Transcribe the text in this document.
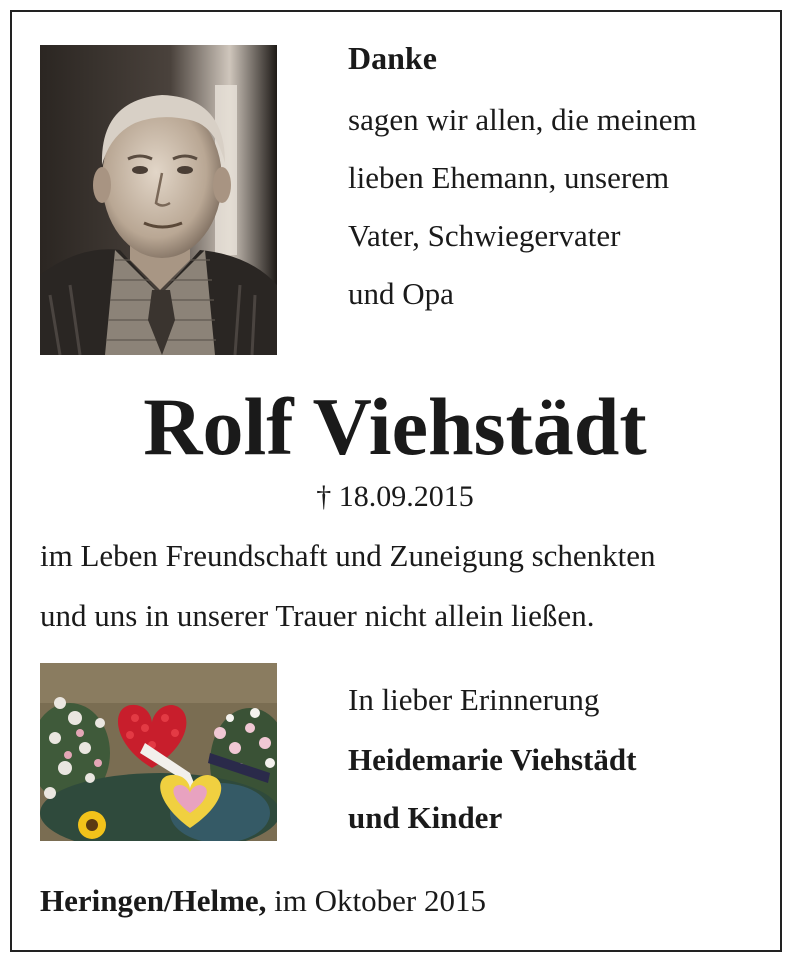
Danke

sagen wir allen, die meinem

lieben Ehemann, unserem

Vater, Schwiegervater

und Opa

Rolf Viehstädt

† 18.09.2015

im Leben Freundschaft und Zuneigung schenkten

und uns in unserer Trauer nicht allein ließen.

In lieber Erinnerung

Heidemarie Viehstädt

und Kinder

Heringen/Helme, im Oktober 2015
